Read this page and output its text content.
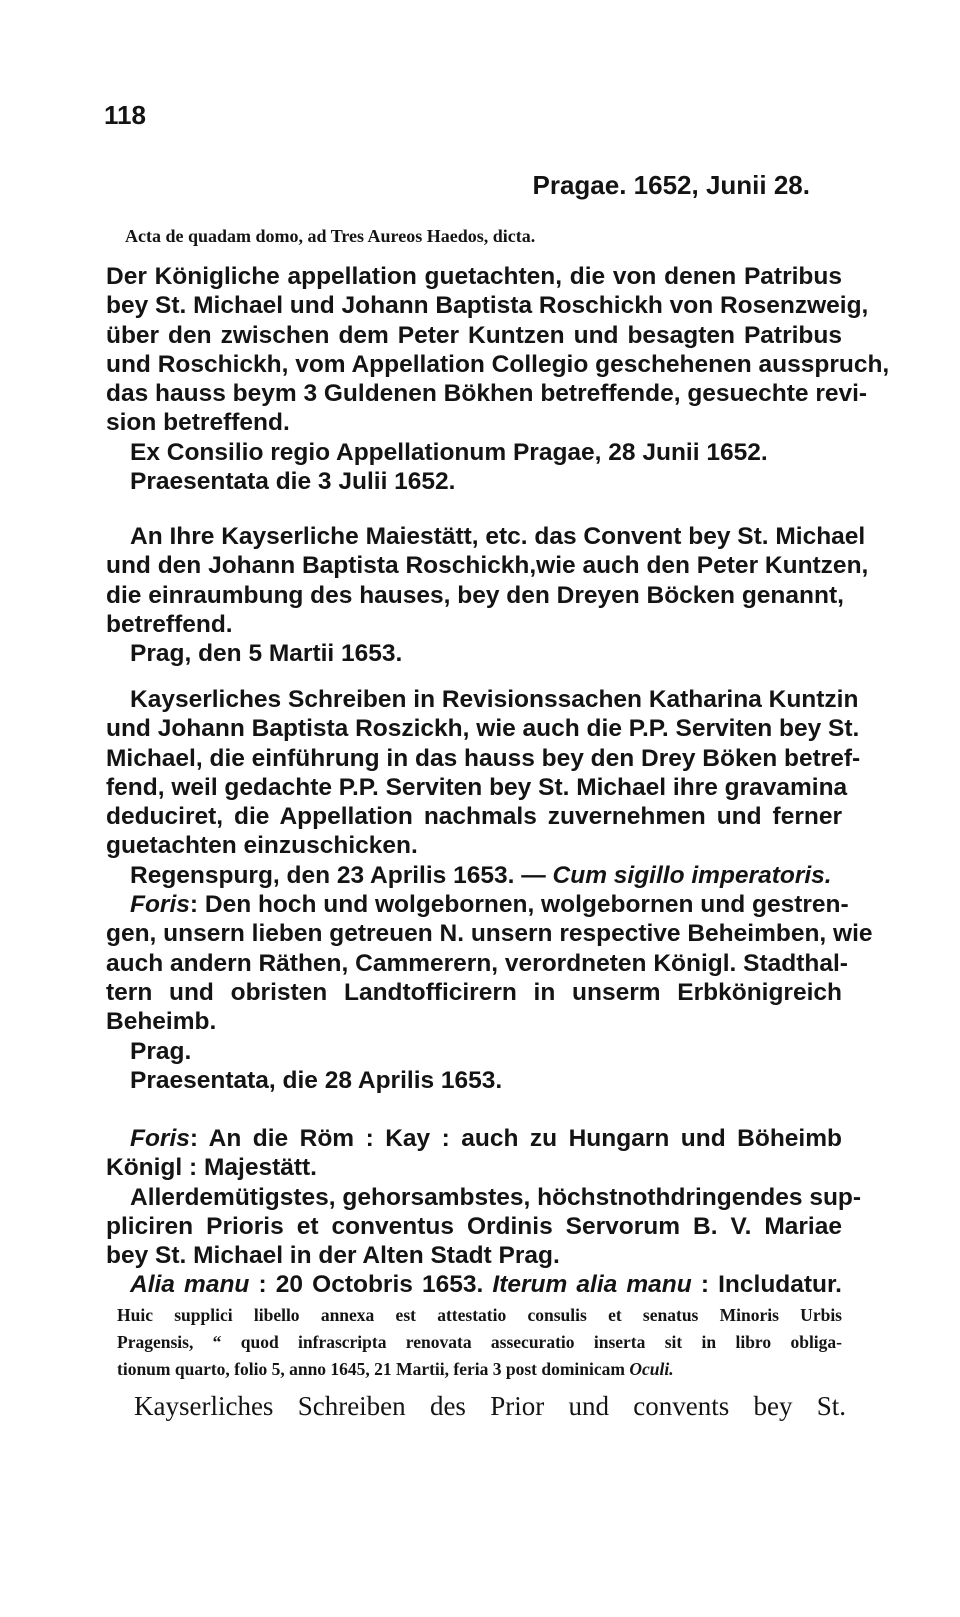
118
Pragae. 1652, Junii 28.
Acta de quadam domo, ad Tres Aureos Haedos, dicta.
Der Königliche appellation guetachten, die von denen Patribus
bey St. Michael und Johann Baptista Roschickh von Rosenzweig,
über den zwischen dem Peter Kuntzen und besagten Patribus
und Roschickh, vom Appellation Collegio geschehenen ausspruch,
das hauss beym 3 Guldenen Bökhen betreffende, gesuechte revi-
sion betreffend.
Ex Consilio regio Appellationum Pragae, 28 Junii 1652.
Praesentata die 3 Julii 1652.
An Ihre Kayserliche Maiestätt, etc. das Convent bey St. Michael
und den Johann Baptista Roschickh,wie auch den Peter Kuntzen,
die einraumbung des hauses, bey den Dreyen Böcken genannt,
betreffend.
Prag, den 5 Martii 1653.
Kayserliches Schreiben in Revisionssachen Katharina Kuntzin
und Johann Baptista Roszickh, wie auch die P.P. Serviten bey St.
Michael, die einführung in das hauss bey den Drey Böken betref-
fend, weil gedachte P.P. Serviten bey St. Michael ihre gravamina
deduciret, die Appellation nachmals zuvernehmen und ferner
guetachten einzuschicken.
Regenspurg, den 23 Aprilis 1653. — Cum sigillo imperatoris.
Foris: Den hoch und wolgebornen, wolgebornen und gestren-
gen, unsern lieben getreuen N. unsern respective Beheimben, wie
auch andern Räthen, Cammerern, verordneten Königl. Stadthal-
tern und obristen Landtofficirern in unserm Erbkönigreich
Beheimb.
Prag.
Praesentata, die 28 Aprilis 1653.
Foris: An die Röm : Kay : auch zu Hungarn und Böheimb
Königl : Majestätt.
Allerdemütigstes, gehorsambstes, höchstnothdringendes sup-
pliciren Prioris et conventus Ordinis Servorum B. V. Mariae
bey St. Michael in der Alten Stadt Prag.
Alia manu : 20 Octobris 1653. Iterum alia manu : Includatur.
Huic supplici libello annexa est attestatio consulis et senatus Minoris Urbis
Pragensis, “ quod infrascripta renovata assecuratio inserta sit in libro obliga-
tionum quarto, folio 5, anno 1645, 21 Martii, feria 3 post dominicam Oculi.
Kayserliches Schreiben des Prior und convents bey St.
